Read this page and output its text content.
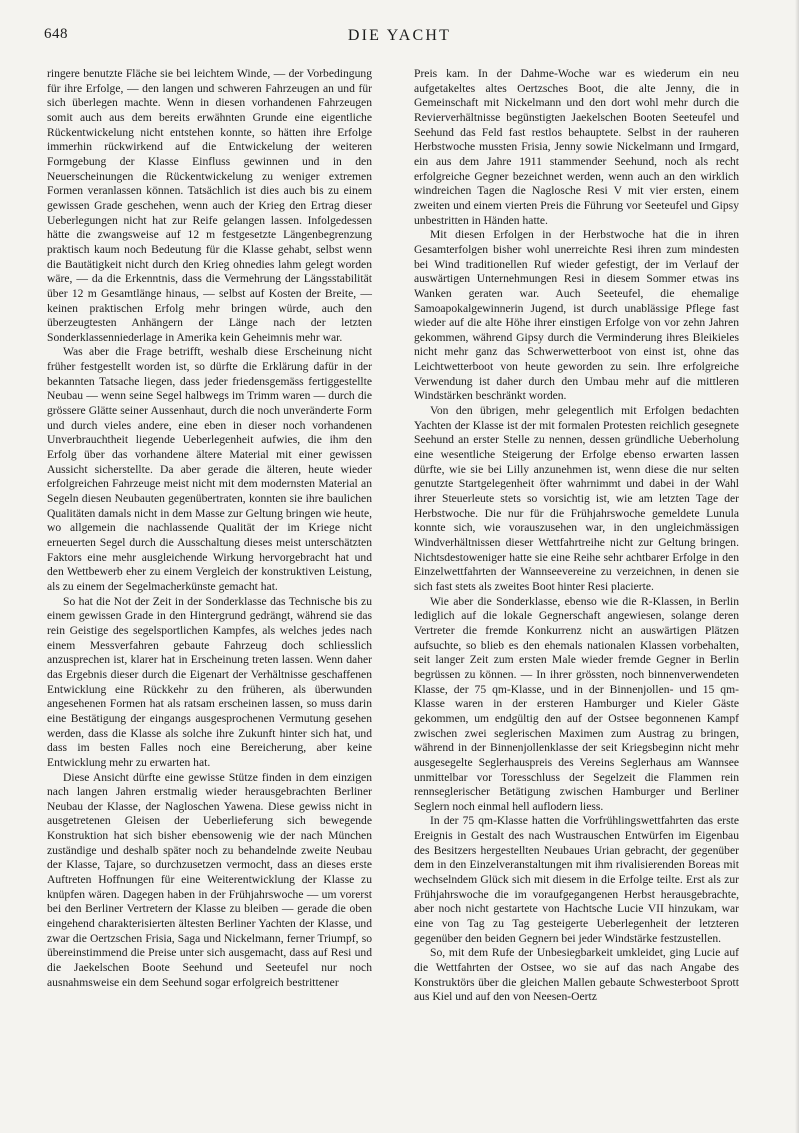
648	DIE YACHT

ringere benutzte Fläche sie bei leichtem Winde, — der Vorbedingung für ihre Erfolge, — den langen und schweren Fahrzeugen an und für sich überlegen machte. Wenn in diesen vorhandenen Fahrzeugen somit auch aus dem bereits erwähnten Grunde eine eigentliche Rückentwickelung nicht entstehen konnte, so hätten ihre Erfolge immerhin rückwirkend auf die Entwickelung der weiteren Formgebung der Klasse Einfluss gewinnen und in den Neuerscheinungen die Rückentwickelung zu weniger extremen Formen veranlassen können. Tatsächlich ist dies auch bis zu einem gewissen Grade geschehen, wenn auch der Krieg den Ertrag dieser Ueberlegungen nicht hat zur Reife gelangen lassen. Infolgedessen hätte die zwangsweise auf 12 m festgesetzte Längenbegrenzung praktisch kaum noch Bedeutung für die Klasse gehabt, selbst wenn die Bautätigkeit nicht durch den Krieg ohnedies lahm gelegt worden wäre, — da die Erkenntnis, dass die Vermehrung der Längsstabilität über 12 m Gesamtlänge hinaus, — selbst auf Kosten der Breite, — keinen praktischen Erfolg mehr bringen würde, auch den überzeugtesten Anhängern der Länge nach der letzten Sonderklassenniederlage in Amerika kein Geheimnis mehr war.

Was aber die Frage betrifft, weshalb diese Erscheinung nicht früher festgestellt worden ist, so dürfte die Erklärung dafür in der bekannten Tatsache liegen, dass jeder friedensgemäss fertiggestellte Neubau — wenn seine Segel halbwegs im Trimm waren — durch die grössere Glätte seiner Aussenhaut, durch die noch unveränderte Form und durch vieles andere, eine eben in dieser noch vorhandenen Unverbrauchtheit liegende Ueberlegenheit aufwies, die ihm den Erfolg über das vorhandene ältere Material mit einer gewissen Aussicht sicherstellte. Da aber gerade die älteren, heute wieder erfolgreichen Fahrzeuge meist nicht mit dem modernsten Material an Segeln diesen Neubauten gegenübertraten, konnten sie ihre baulichen Qualitäten damals nicht in dem Masse zur Geltung bringen wie heute, wo allgemein die nachlassende Qualität der im Kriege nicht erneuerten Segel durch die Ausschaltung dieses meist unterschätzten Faktors eine mehr ausgleichende Wirkung hervorgebracht hat und den Wettbewerb eher zu einem Vergleich der konstruktiven Leistung, als zu einem der Segelmacherkünste gemacht hat.

So hat die Not der Zeit in der Sonderklasse das Technische bis zu einem gewissen Grade in den Hintergrund gedrängt, während sie das rein Geistige des segelsportlichen Kampfes, als welches jedes nach einem Messverfahren gebaute Fahrzeug doch schliesslich anzusprechen ist, klarer hat in Erscheinung treten lassen. Wenn daher das Ergebnis dieser durch die Eigenart der Verhältnisse geschaffenen Entwicklung eine Rückkehr zu den früheren, als überwunden angesehenen Formen hat als ratsam erscheinen lassen, so muss darin eine Bestätigung der eingangs ausgesprochenen Vermutung gesehen werden, dass die Klasse als solche ihre Zukunft hinter sich hat, und dass im besten Falles noch eine Bereicherung, aber keine Entwicklung mehr zu erwarten hat.

Diese Ansicht dürfte eine gewisse Stütze finden in dem einzigen nach langen Jahren erstmalig wieder herausgebrachten Berliner Neubau der Klasse, der Nagloschen Yawena. Diese gewiss nicht in ausgetretenen Gleisen der Ueberlieferung sich bewegende Konstruktion hat sich bisher ebensowenig wie der nach München zuständige und deshalb später noch zu behandelnde zweite Neubau der Klasse, Tajare, so durchzusetzen vermocht, dass an dieses erste Auftreten Hoffnungen für eine Weiterentwicklung der Klasse zu knüpfen wären. Dagegen haben in der Frühjahrswoche — um vorerst bei den Berliner Vertretern der Klasse zu bleiben — gerade die oben eingehend charakterisierten ältesten Berliner Yachten der Klasse, und zwar die Oertzschen Frisia, Saga und Nickelmann, ferner Triumpf, so übereinstimmend die Preise unter sich ausgemacht, dass auf Resi und die Jaekelschen Boote Seehund und Seeteufel nur noch ausnahmsweise ein dem Seehund sogar erfolgreich bestrittener

Preis kam. In der Dahme-Woche war es wiederum ein neu aufgetakeltes altes Oertzsches Boot, die alte Jenny, die in Gemeinschaft mit Nickelmann und den dort wohl mehr durch die Revierverhältnisse begünstigten Jaekelschen Booten Seeteufel und Seehund das Feld fast restlos behauptete. Selbst in der rauheren Herbstwoche mussten Frisia, Jenny sowie Nickelmann und Irmgard, ein aus dem Jahre 1911 stammender Seehund, noch als recht erfolgreiche Gegner bezeichnet werden, wenn auch an den wirklich windreichen Tagen die Nagloschе Resi V mit vier ersten, einem zweiten und einem vierten Preis die Führung vor Seeteufel und Gipsy unbestritten in Händen hatte.

Mit diesen Erfolgen in der Herbstwoche hat die in ihren Gesamterfolgen bisher wohl unerreichte Resi ihren zum mindesten bei Wind traditionellen Ruf wieder gefestigt, der im Verlauf der auswärtigen Unternehmungen Resi in diesem Sommer etwas ins Wanken geraten war. Auch Seeteufel, die ehemalige Samoapokalgewinnerin Jugend, ist durch unablässige Pflege fast wieder auf die alte Höhe ihrer einstigen Erfolge von vor zehn Jahren gekommen, während Gipsy durch die Verminderung ihres Bleikieles nicht mehr ganz das Schwerwetterboot von einst ist, ohne das Leichtwetterboot von heute geworden zu sein. Ihre erfolgreiche Verwendung ist daher durch den Umbau mehr auf die mittleren Windstärken beschränkt worden.

Von den übrigen, mehr gelegentlich mit Erfolgen bedachten Yachten der Klasse ist der mit formalen Protesten reichlich gesegnete Seehund an erster Stelle zu nennen, dessen gründliche Ueberholung eine wesentliche Steigerung der Erfolge ebenso erwarten lassen dürfte, wie sie bei Lilly anzunehmen ist, wenn diese die nur selten genutzte Startgelegenheit öfter wahrnimmt und dabei in der Wahl ihrer Steuerleute stets so vorsichtig ist, wie am letzten Tage der Herbstwoche. Die nur für die Frühjahrswoche gemeldete Lunula konnte sich, wie vorauszusehen war, in den ungleichmässigen Windverhältnissen dieser Wettfahrtreihe nicht zur Geltung bringen. Nichtsdestoweniger hatte sie eine Reihe sehr achtbarer Erfolge in den Einzelwettfahrten der Wannseevereine zu verzeichnen, in denen sie sich fast stets als zweites Boot hinter Resi placierte.

Wie aber die Sonderklasse, ebenso wie die R-Klassen, in Berlin lediglich auf die lokale Gegnerschaft angewiesen, solange deren Vertreter die fremde Konkurrenz nicht an auswärtigen Plätzen aufsuchte, so blieb es den ehemals nationalen Klassen vorbehalten, seit langer Zeit zum ersten Male wieder fremde Gegner in Berlin begrüssen zu können. — In ihrer grössten, noch binnenverwendeten Klasse, der 75 qm-Klasse, und in der Binnenjollen- und 15 qm-Klasse waren in der ersteren Hamburger und Kieler Gäste gekommen, um endgültig den auf der Ostsee begonnenen Kampf zwischen zwei seglerischen Maximen zum Austrag zu bringen, während in der Binnenjollenklasse der seit Kriegsbeginn nicht mehr ausgesegelte Seglerhauspreis des Vereins Seglerhaus am Wannsee unmittelbar vor Toresschluss der Segelzeit die Flammen rein rennseglerischer Betätigung zwischen Hamburger und Berliner Seglern noch einmal hell auflodern liess.

In der 75 qm-Klasse hatten die Vorfrühlingswettfahrten das erste Ereignis in Gestalt des nach Wustrauschen Entwürfen im Eigenbau des Besitzers hergestellten Neubaues Urian gebracht, der gegenüber dem in den Einzelveranstaltungen mit ihm rivalisierenden Boreas mit wechselndem Glück sich mit diesem in die Erfolge teilte. Erst als zur Frühjahrswoche die im voraufgegangenen Herbst herausgebrachte, aber noch nicht gestartete von Hachtsche Lucie VII hinzukam, war eine von Tag zu Tag gesteigerte Ueberlegenheit der letzteren gegenüber den beiden Gegnern bei jeder Windstärke festzustellen.

So, mit dem Rufe der Unbesiegbarkeit umkleidet, ging Lucie auf die Wettfahrten der Ostsee, wo sie auf das nach Angabe des Konstruktörs über die gleichen Mallen gebaute Schwesterboot Sprott aus Kiel und auf den von Neesen-Oertz
